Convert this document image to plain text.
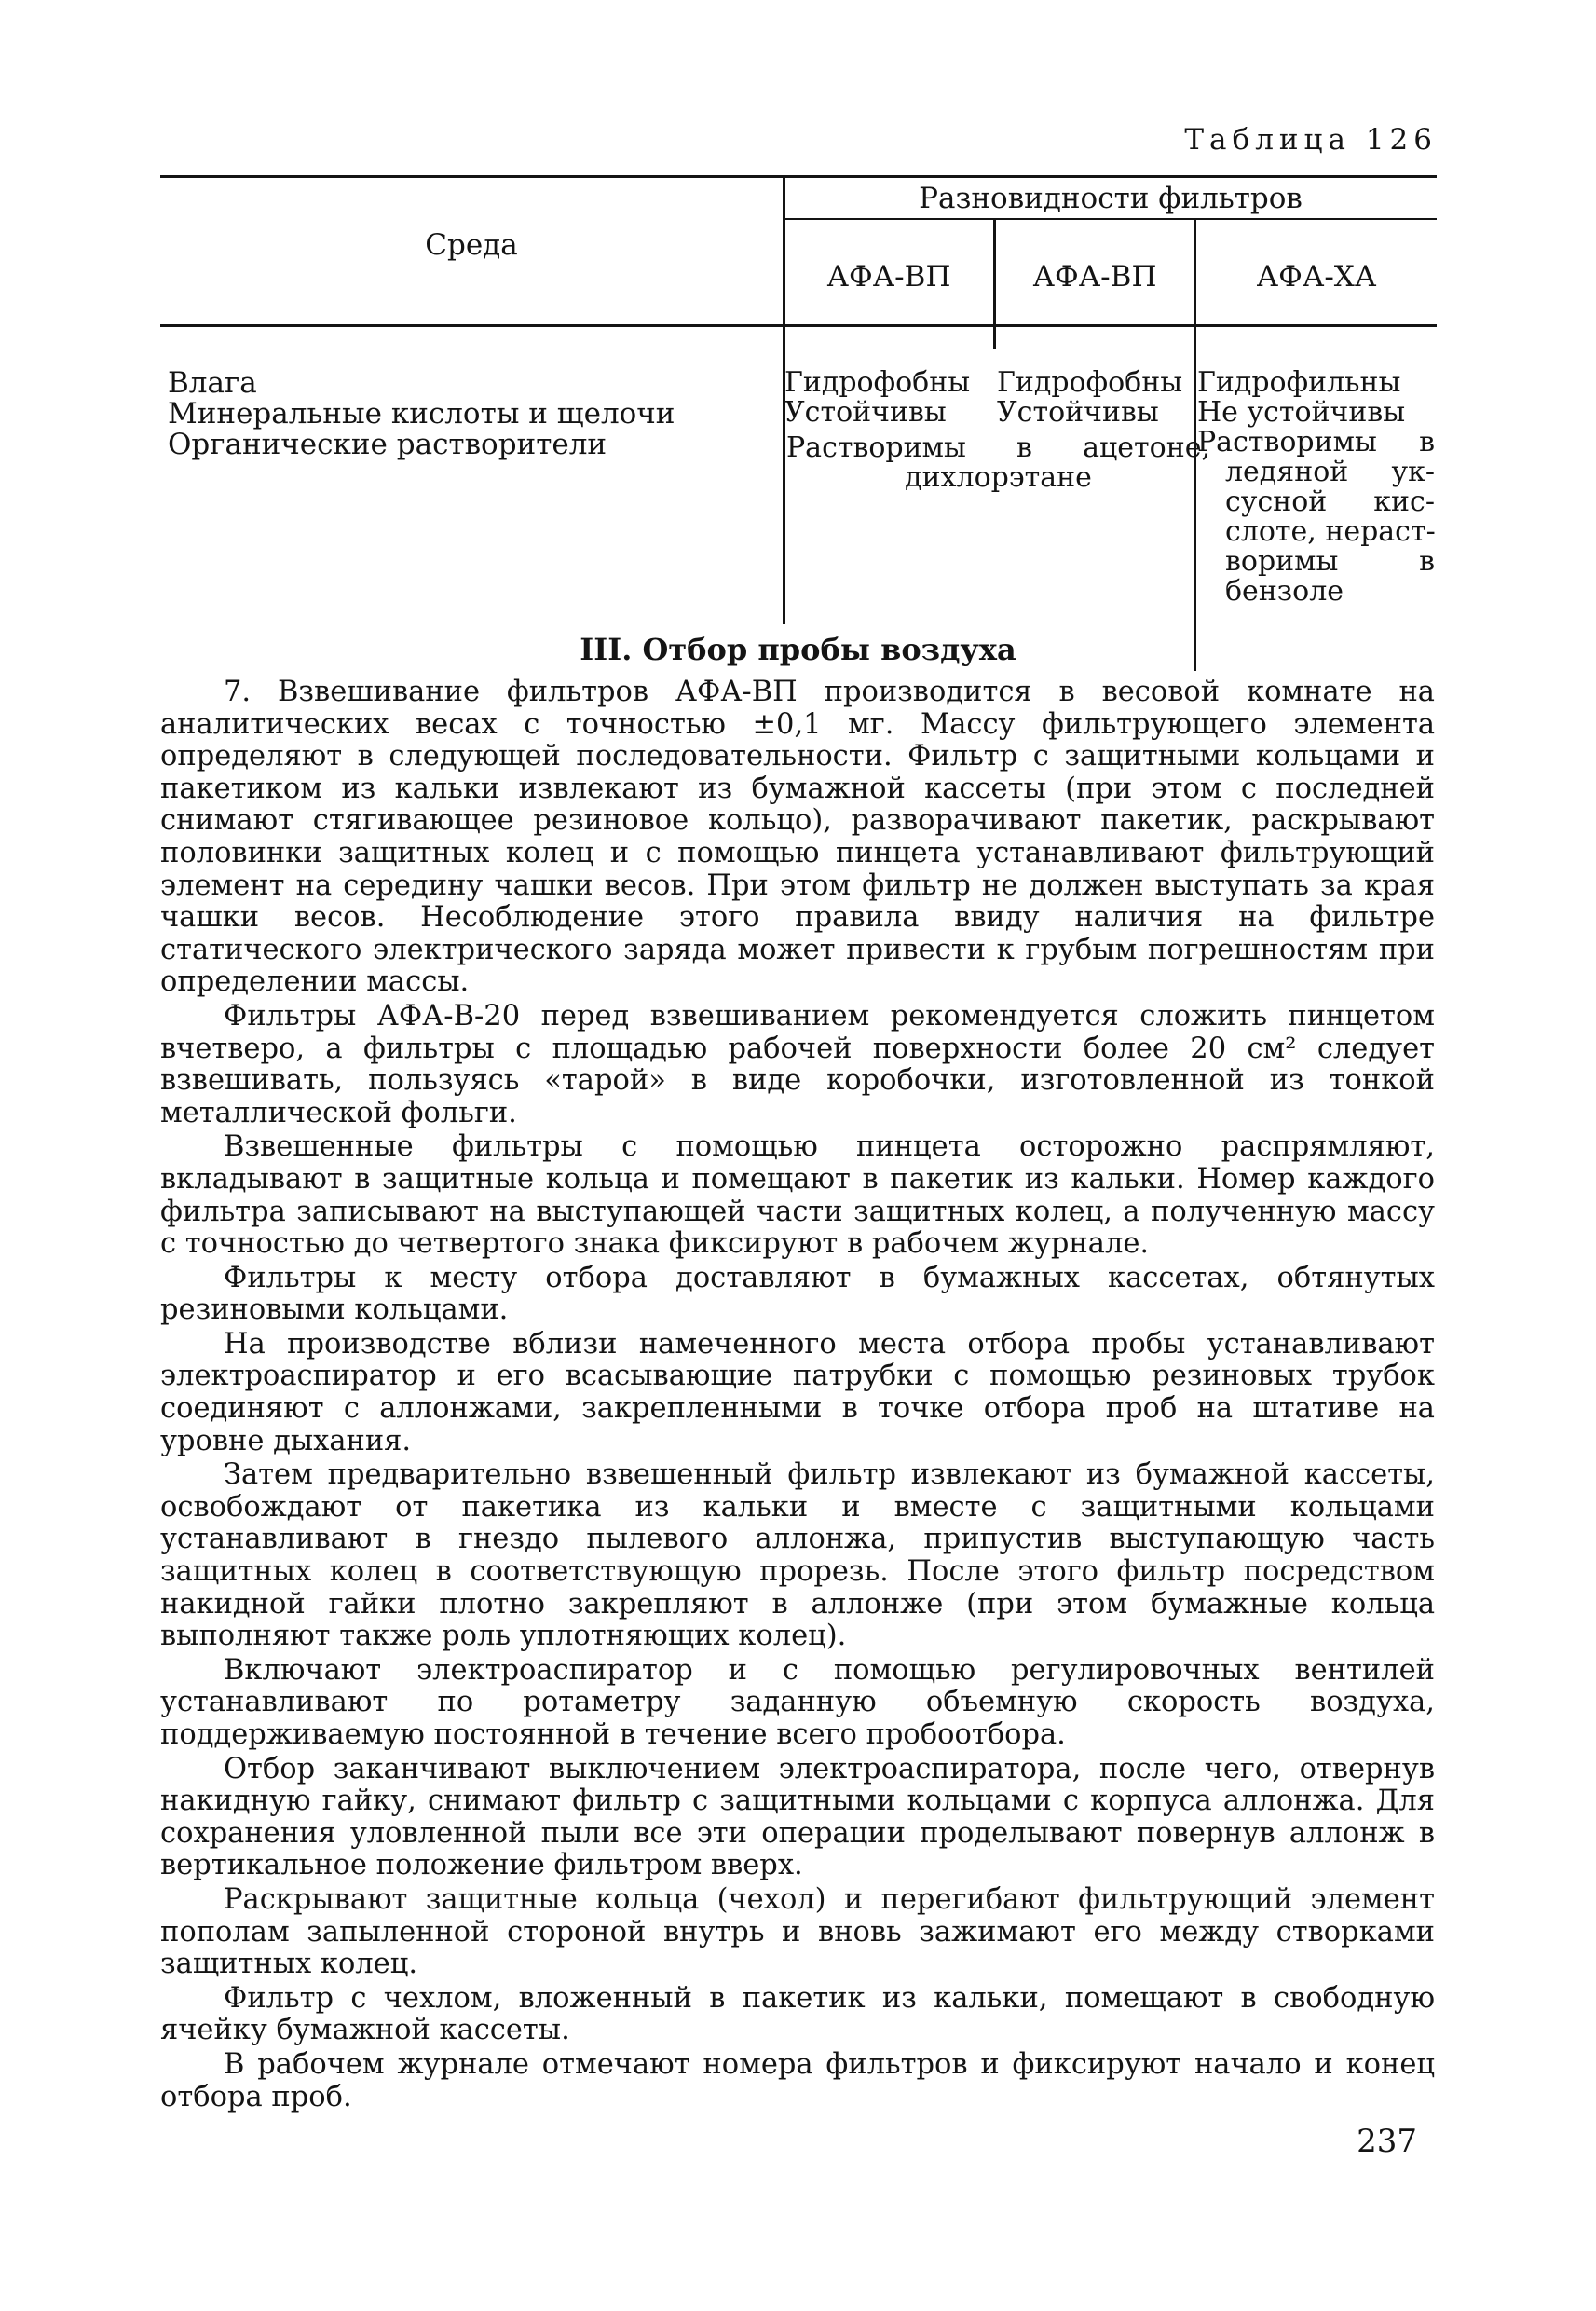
Таблица 126
Среда
Разновидности фильтров
АФА-ВП	АФА-ВП	АФА-ХА
Влага
Минеральные кислоты и щелочи
Органические растворители
Гидрофобны
Устойчивы
Гидрофобны
Устойчивы
Растворимы в ацетоне,
дихлорэтане
Гидрофильны
Не устойчивы
Растворимы в
ледяной ук-
сусной кис-
слоте, нераст-
воримы в
бензоле
III. Отбор пробы воздуха

7. Взвешивание фильтров АФА-ВП производится в весовой комнате на аналитических весах с точностью ±0,1 мг. Массу фильтрующего элемента определяют в следующей последовательности. Фильтр с защитными кольцами и пакетиком из кальки извлекают из бумажной кассеты (при этом с последней снимают стягивающее резиновое кольцо), разворачивают пакетик, раскрывают половинки защитных колец и с помощью пинцета устанавливают фильтрующий элемент на середину чашки весов. При этом фильтр не должен выступать за края чашки весов. Несоблюдение этого правила ввиду наличия на фильтре статического электрического заряда может привести к грубым погрешностям при определении массы.

Фильтры АФА-В-20 перед взвешиванием рекомендуется сложить пинцетом вчетверо, а фильтры с площадью рабочей поверхности более 20 см² следует взвешивать, пользуясь «тарой» в виде коробочки, изготовленной из тонкой металлической фольги.

Взвешенные фильтры с помощью пинцета осторожно распрямляют, вкладывают в защитные кольца и помещают в пакетик из кальки. Номер каждого фильтра записывают на выступающей части защитных колец, а полученную массу с точностью до четвертого знака фиксируют в рабочем журнале.

Фильтры к месту отбора доставляют в бумажных кассетах, обтянутых резиновыми кольцами.

На производстве вблизи намеченного места отбора пробы устанавливают электроаспиратор и его всасывающие патрубки с помощью резиновых трубок соединяют с аллонжами, закрепленными в точке отбора проб на штативе на уровне дыхания.

Затем предварительно взвешенный фильтр извлекают из бумажной кассеты, освобождают от пакетика из кальки и вместе с защитными кольцами устанавливают в гнездо пылевого аллонжа, припустив выступающую часть защитных колец в соответствующую прорезь. После этого фильтр посредством накидной гайки плотно закрепляют в аллонже (при этом бумажные кольца выполняют также роль уплотняющих колец).

Включают электроаспиратор и с помощью регулировочных вентилей устанавливают по ротаметру заданную объемную скорость воздуха, поддерживаемую постоянной в течение всего пробоотбора.

Отбор заканчивают выключением электроаспиратора, после чего, отвернув накидную гайку, снимают фильтр с защитными кольцами с корпуса аллонжа. Для сохранения уловленной пыли все эти операции проделывают повернув аллонж в вертикальное положение фильтром вверх.

Раскрывают защитные кольца (чехол) и перегибают фильтрующий элемент пополам запыленной стороной внутрь и вновь зажимают его между створками защитных колец.

Фильтр с чехлом, вложенный в пакетик из кальки, помещают в свободную ячейку бумажной кассеты.

В рабочем журнале отмечают номера фильтров и фиксируют начало и конец отбора проб.

237
